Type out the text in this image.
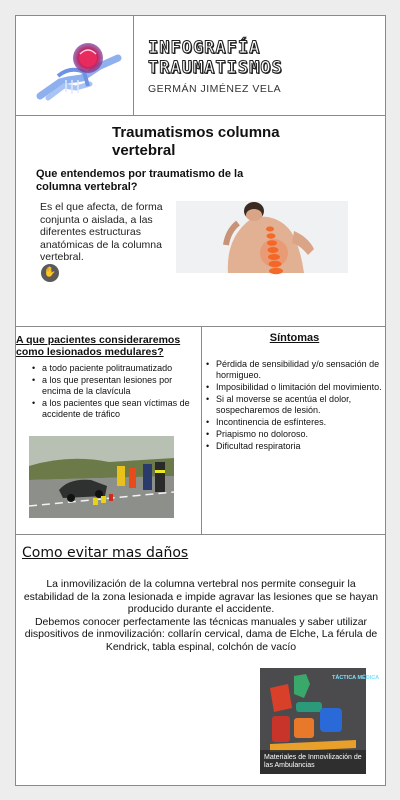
INFOGRAFÍA TRAUMATISMOS
GERMÁN JIMÉNEZ VELA
Traumatismos columna vertebral
Que entendemos por traumatismo de la columna vertebral?
Es el que afecta, de forma conjunta o aislada, a las diferentes estructuras anatómicas de la columna vertebral.
✋
A que pacientes consideraremos como lesionados medulares?
• a todo paciente politraumatizado
• a los que presentan lesiones por encima de la clavícula
• a los pacientes que sean víctimas de accidente de tráfico
Síntomas
• Pérdida de sensibilidad y/o sensación de hormigueo.
• Imposibilidad o limitación del movimiento.
• Si al moverse se acentúa el dolor, sospecharemos de lesión.
• Incontinencia de esfínteres.
• Priapismo no doloroso.
• Dificultad respiratoria
Como evitar mas daños

La inmovilización de la columna vertebral nos permite conseguir la estabilidad de la zona lesionada e impide agravar las lesiones que se hayan producido durante el accidente.

Debemos conocer perfectamente las técnicas manuales y saber utilizar dispositivos de inmovilización: collarín cervical, dama de Elche, La férula de Kendrick, tabla espinal, colchón de vacío

TÁCTICA MÉDICA
Materiales de Inmovilización de las Ambulancias
